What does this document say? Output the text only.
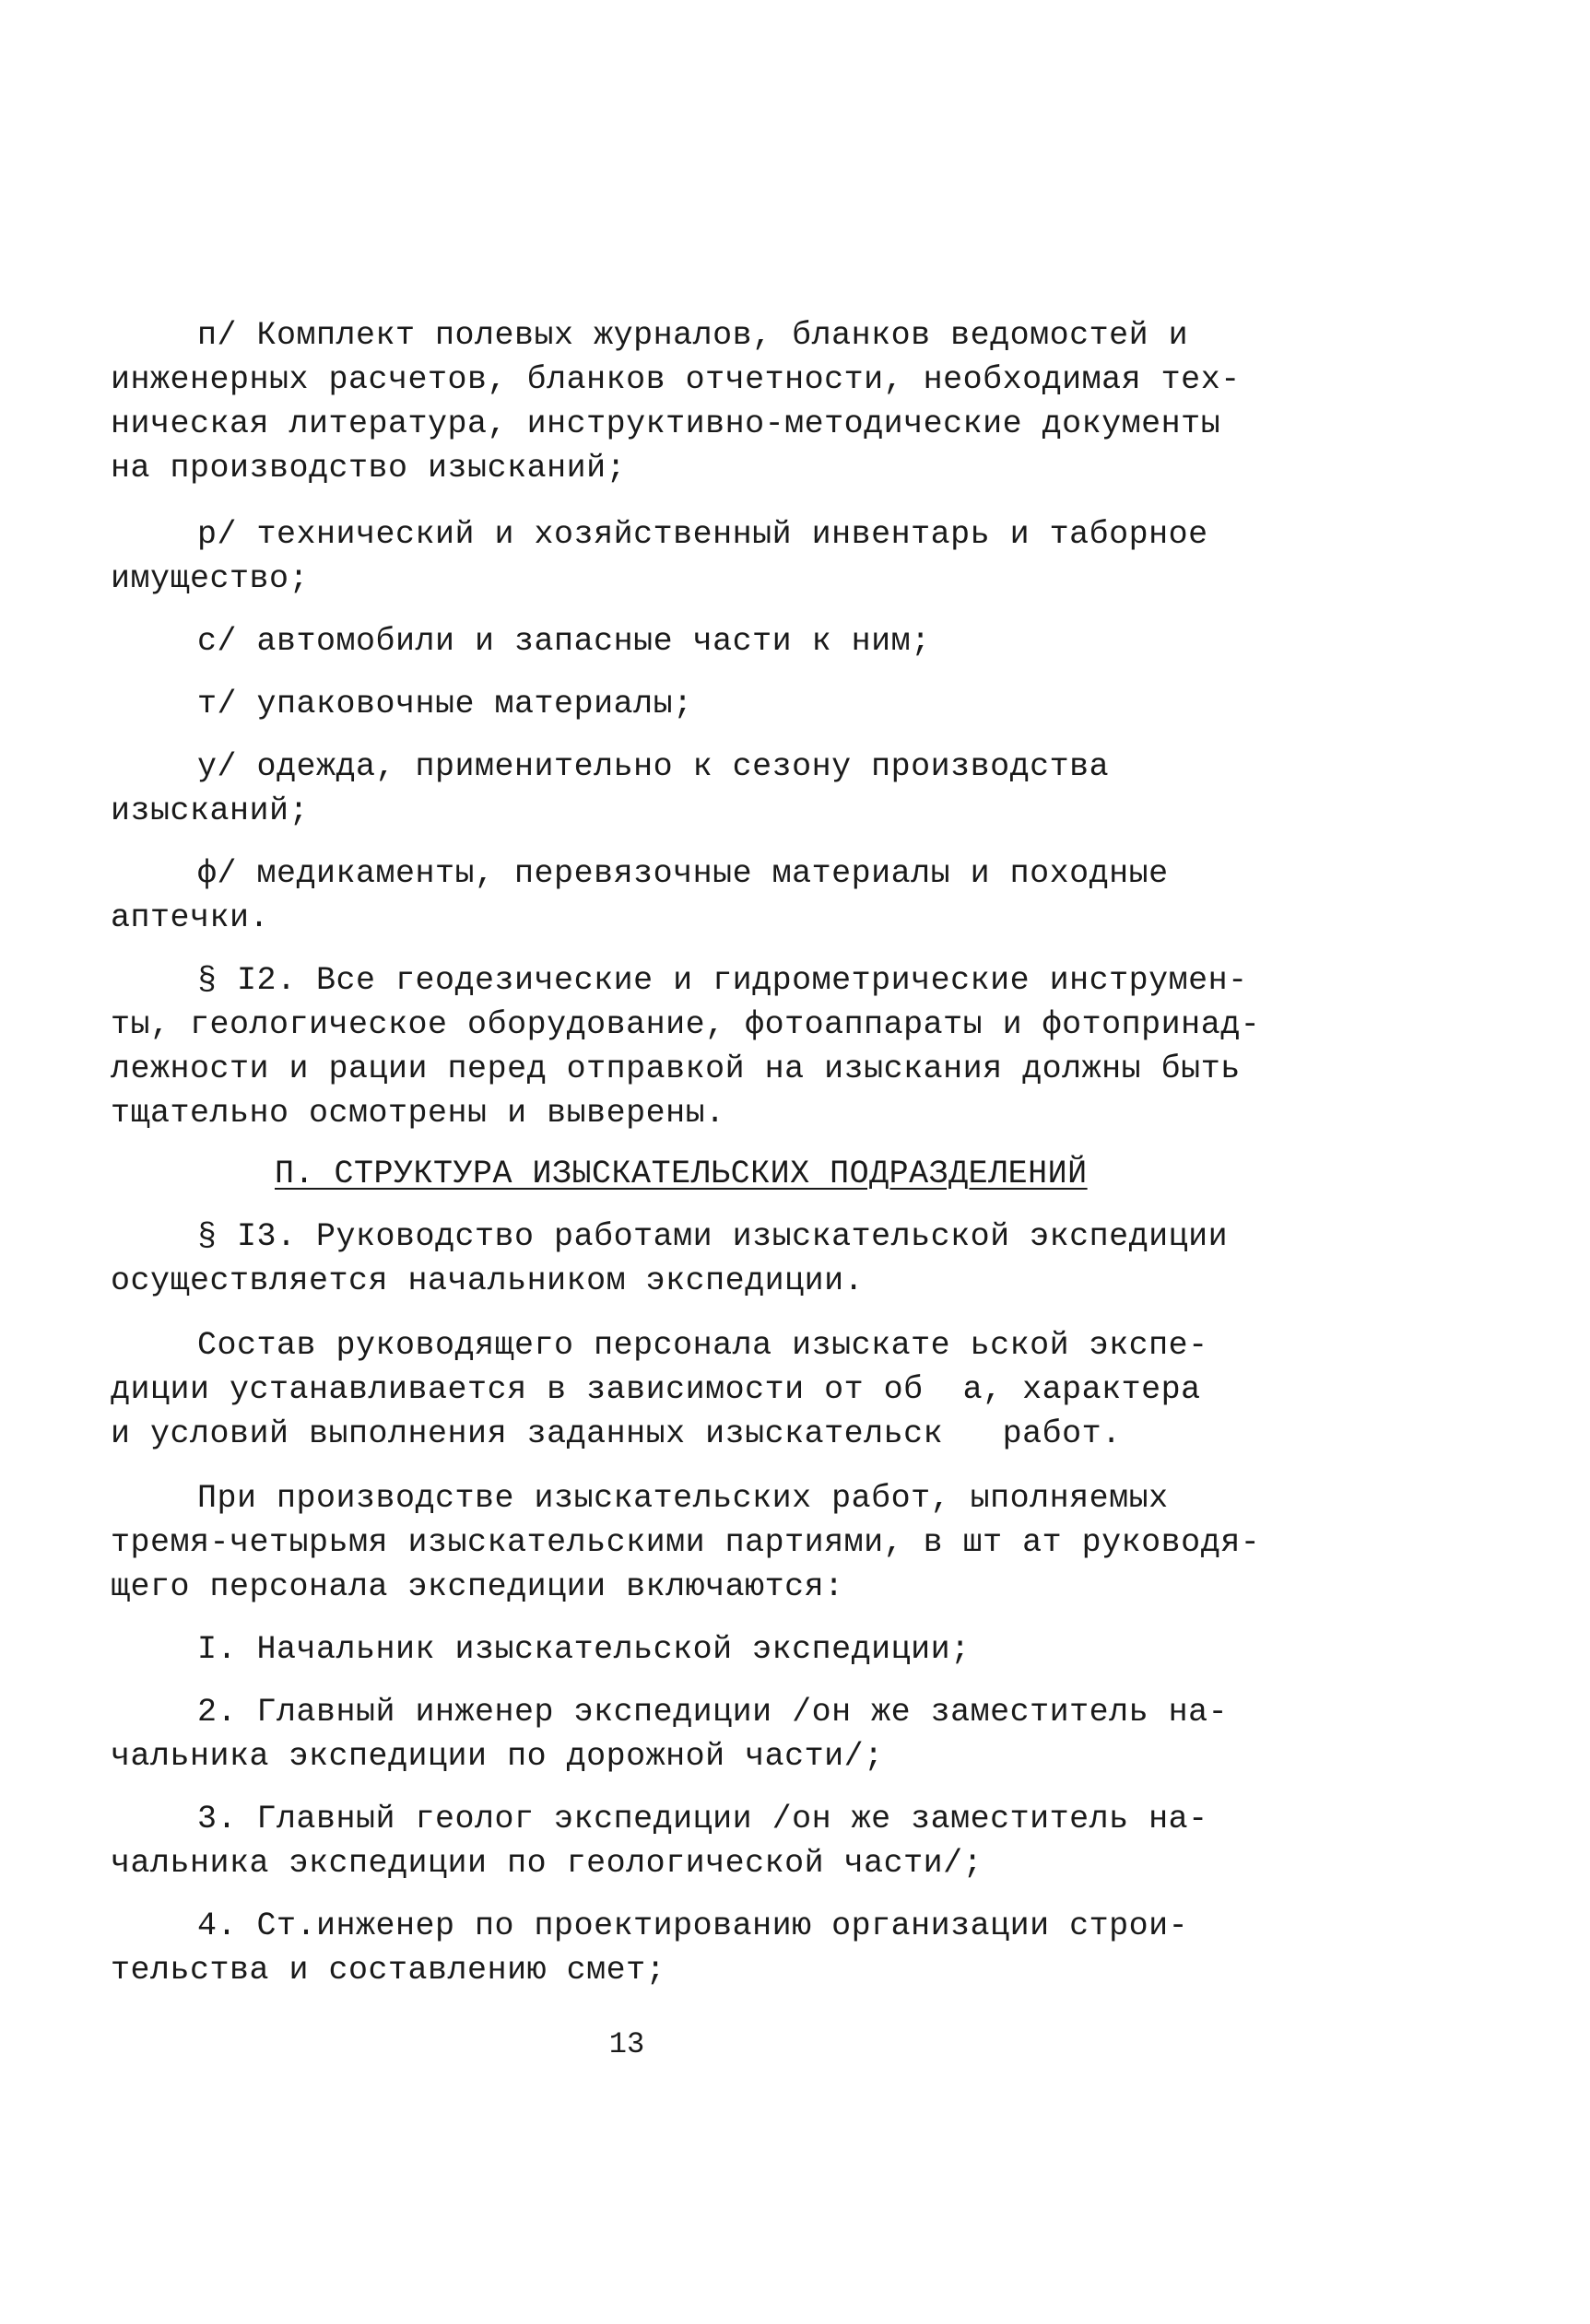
п/ Комплект полевых журналов, бланков ведомостей и
инженерных расчетов, бланков отчетности, необходимая тех-
ническая литература, инструктивно-методические документы
на производство изысканий;
р/ технический и хозяйственный инвентарь и таборное
имущество;
с/ автомобили и запасные части к ним;
т/ упаковочные материалы;
у/ одежда, применительно к сезону производства
изысканий;
ф/ медикаменты, перевязочные материалы и походные
аптечки.
§ I2. Все геодезические и гидрометрические инструмен-
ты, геологическое оборудование, фотоаппараты и фотопринад-
лежности и рации перед отправкой на изыскания должны быть
тщательно осмотрены и выверены.
П. СТРУКТУРА ИЗЫСКАТЕЛЬСКИХ ПОДРАЗДЕЛЕНИЙ
§ I3. Руководство работами изыскательской экспедиции
осуществляется начальником экспедиции.
Состав руководящего персонала изыскате ьской экспе-
диции устанавливается в зависимости от об  а, характера
и условий выполнения заданных изыскательск   работ.
При производстве изыскательских работ, ыполняемых
тремя-четырьмя изыскательскими партиями, в шт ат руководя-
щего персонала экспедиции включаются:
I. Начальник изыскательской экспедиции;
2. Главный инженер экспедиции /он же заместитель на-
чальника экспедиции по дорожной части/;
3. Главный геолог экспедиции /он же заместитель на-
чальника экспедиции по геологической части/;
4. Ст.инженер по проектированию организации строи-
тельства и составлению смет;
13
